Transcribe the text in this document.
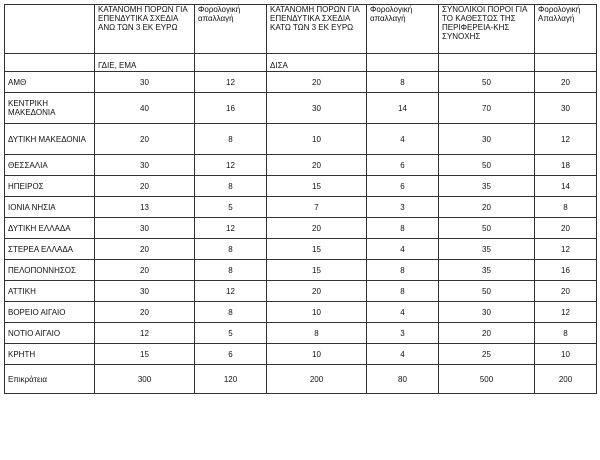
	ΚΑΤΑΝΟΜΗ ΠΟΡΩΝ ΓΙΑ ΕΠΕΝΔΥΤΙΚΑ ΣΧΕΔΙΑ ΑΝΩ ΤΩΝ 3 ΕΚ ΕΥΡΩ	Φορολογική απαλλαγή	ΚΑΤΑΝΟΜΗ ΠΟΡΩΝ ΓΙΑ ΕΠΕΝΔΥΤΙΚΑ ΣΧΕΔΙΑ ΚΑΤΩ ΤΩΝ 3 ΕΚ ΕΥΡΩ	Φορολογική απαλλαγή	ΣΥΝΟΛΙΚΟΙ ΠΟΡΟΙ ΓΙΑ ΤΟ ΚΑΘΕΣΤΩΣ ΤΗΣ ΠΕΡΙΦΕΡΕΙΑ-ΚΗΣ ΣΥΝΟΧΗΣ	Φορολογική Απαλλαγή
	ΓΔΙΕ, ΕΜΑ		ΔΙΣΑ			
ΑΜΘ	30	12	20	8	50	20
ΚΕΝΤΡΙΚΗ ΜΑΚΕΔΟΝΙΑ	40	16	30	14	70	30
ΔΥΤΙΚΗ ΜΑΚΕΔΟΝΙΑ	20	8	10	4	30	12
ΘΕΣΣΑΛΙΑ	30	12	20	6	50	18
ΗΠΕΙΡΟΣ	20	8	15	6	35	14
ΙΟΝΙΑ ΝΗΣΙΑ	13	5	7	3	20	8
ΔΥΤΙΚΗ ΕΛΛΑΔΑ	30	12	20	8	50	20
ΣΤΕΡΕΑ ΕΛΛΑΔΑ	20	8	15	4	35	12
ΠΕΛΟΠΟΝΝΗΣΟΣ	20	8	15	8	35	16
ΑΤΤΙΚΗ	30	12	20	8	50	20
ΒΟΡΕΙΟ ΑΙΓΑΙΟ	20	8	10	4	30	12
ΝΟΤΙΟ ΑΙΓΑΙΟ	12	5	8	3	20	8
ΚΡΗΤΗ	15	6	10	4	25	10
Επικράτεια	300	120	200	80	500	200
